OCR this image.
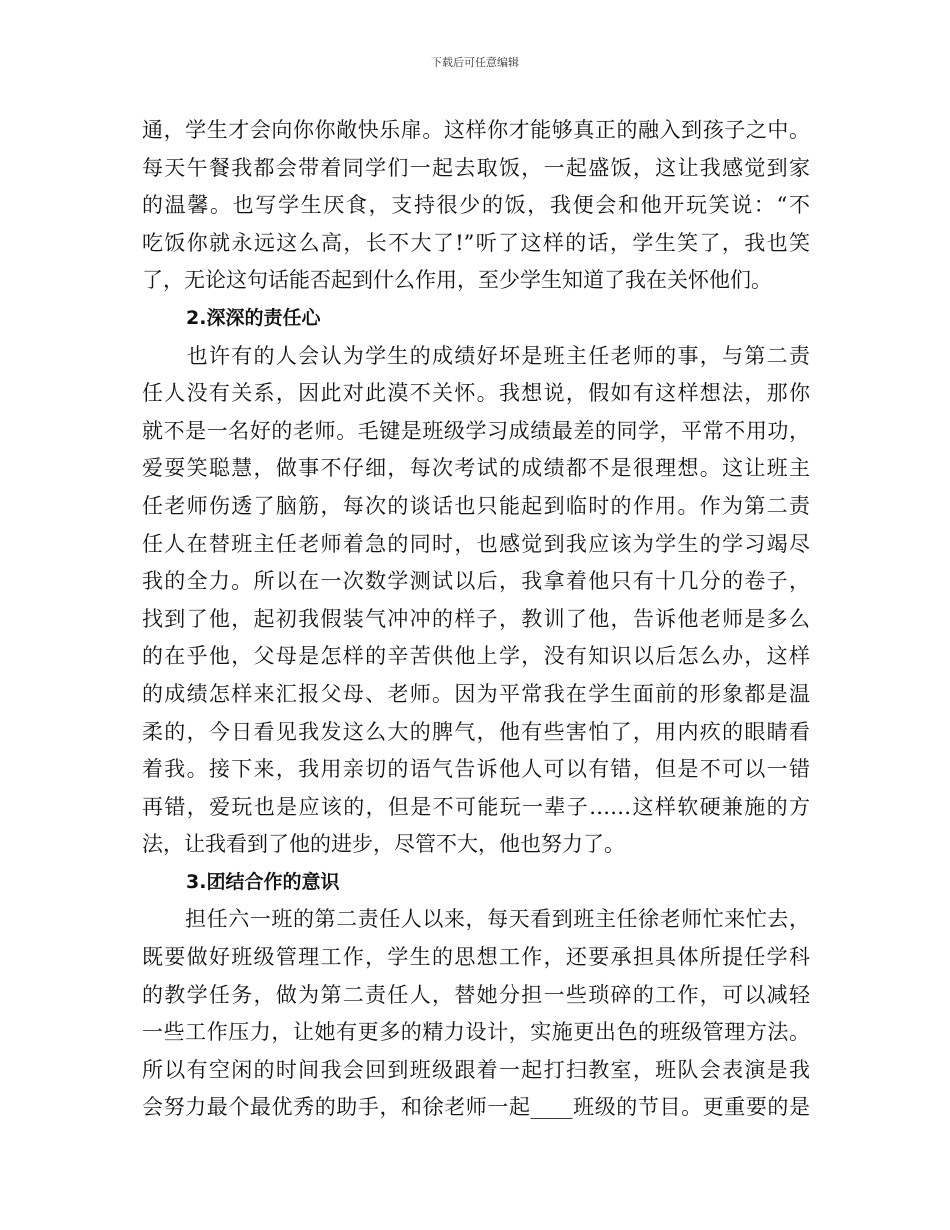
下载后可任意编辑
通，学生才会向你你敞快乐扉。这样你才能够真正的融入到孩子之中。
每天午餐我都会带着同学们一起去取饭，一起盛饭，这让我感觉到家
的温馨。也写学生厌食，支持很少的饭，我便会和他开玩笑说：“不
吃饭你就永远这么高，长不大了!”听了这样的话，学生笑了，我也笑
了，无论这句话能否起到什么作用，至少学生知道了我在关怀他们。
2.深深的责任心
　　也许有的人会认为学生的成绩好坏是班主任老师的事，与第二责
任人没有关系，因此对此漠不关怀。我想说，假如有这样想法，那你
就不是一名好的老师。毛键是班级学习成绩最差的同学，平常不用功，
爱耍笑聪慧，做事不仔细，每次考试的成绩都不是很理想。这让班主
任老师伤透了脑筋，每次的谈话也只能起到临时的作用。作为第二责
任人在替班主任老师着急的同时，也感觉到我应该为学生的学习竭尽
我的全力。所以在一次数学测试以后，我拿着他只有十几分的卷子，
找到了他，起初我假装气冲冲的样子，教训了他，告诉他老师是多么
的在乎他，父母是怎样的辛苦供他上学，没有知识以后怎么办，这样
的成绩怎样来汇报父母、老师。因为平常我在学生面前的形象都是温
柔的，今日看见我发这么大的脾气，他有些害怕了，用内疚的眼睛看
着我。接下来，我用亲切的语气告诉他人可以有错，但是不可以一错
再错，爱玩也是应该的，但是不可能玩一辈子……这样软硬兼施的方
法，让我看到了他的进步，尽管不大，他也努力了。
3.团结合作的意识
　　担任六一班的第二责任人以来，每天看到班主任徐老师忙来忙去，
既要做好班级管理工作，学生的思想工作，还要承担具体所提任学科
的教学任务，做为第二责任人，替她分担一些琐碎的工作，可以减轻
一些工作压力，让她有更多的精力设计，实施更出色的班级管理方法。
所以有空闲的时间我会回到班级跟着一起打扫教室，班队会表演是我
会努力最个最优秀的助手，和徐老师一起____班级的节目。更重要的是
